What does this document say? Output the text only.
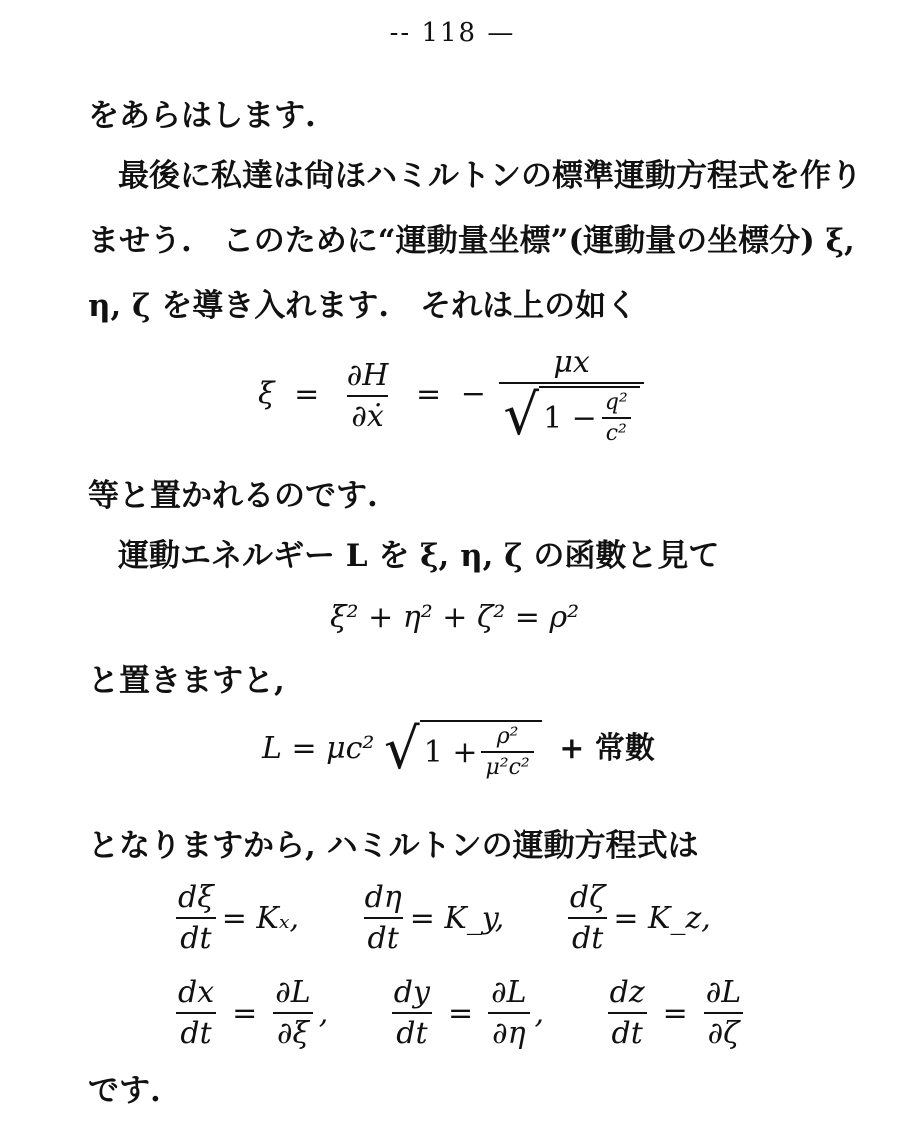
-- 118 —
をあらはします.
最後に私達は尙ほハミルトンの標準運動方程式を作り
ませう.　このために“運動量坐標”(運動量の坐標分) ξ,
η, ζ を導き入れます.　それは上の如く
$\xi = \frac{\partial H}{\text{∂ẋ}}$ = −
μx
√ $1 - \frac{\text{q²}}{\text{c²}}$
等と置かれるのです.
運動エネルギー L を ξ, η, ζ の函數と見て
ξ² + η² + ζ² = ρ²
と置きますと,
L = μc² √ $1 + \frac{\text{ρ²}}{\text{μ²c²}}$ + 常數
となりますから, ハミルトンの運動方程式は
$\frac{d\xi}{dt} = K_x$,
$\frac{d\eta}{dt}$ = K_y,
$\frac{d\zeta}{dt}$ = K_z,
$\frac{dx}{dt} = \frac{\partial L}{\partial\xi}$ ,
$\frac{dy}{dt} = \frac{\partial L}{\partial\eta}$ ,
$\frac{dz}{dt} = \frac{\partial L}{\partial\zeta}$
です.
